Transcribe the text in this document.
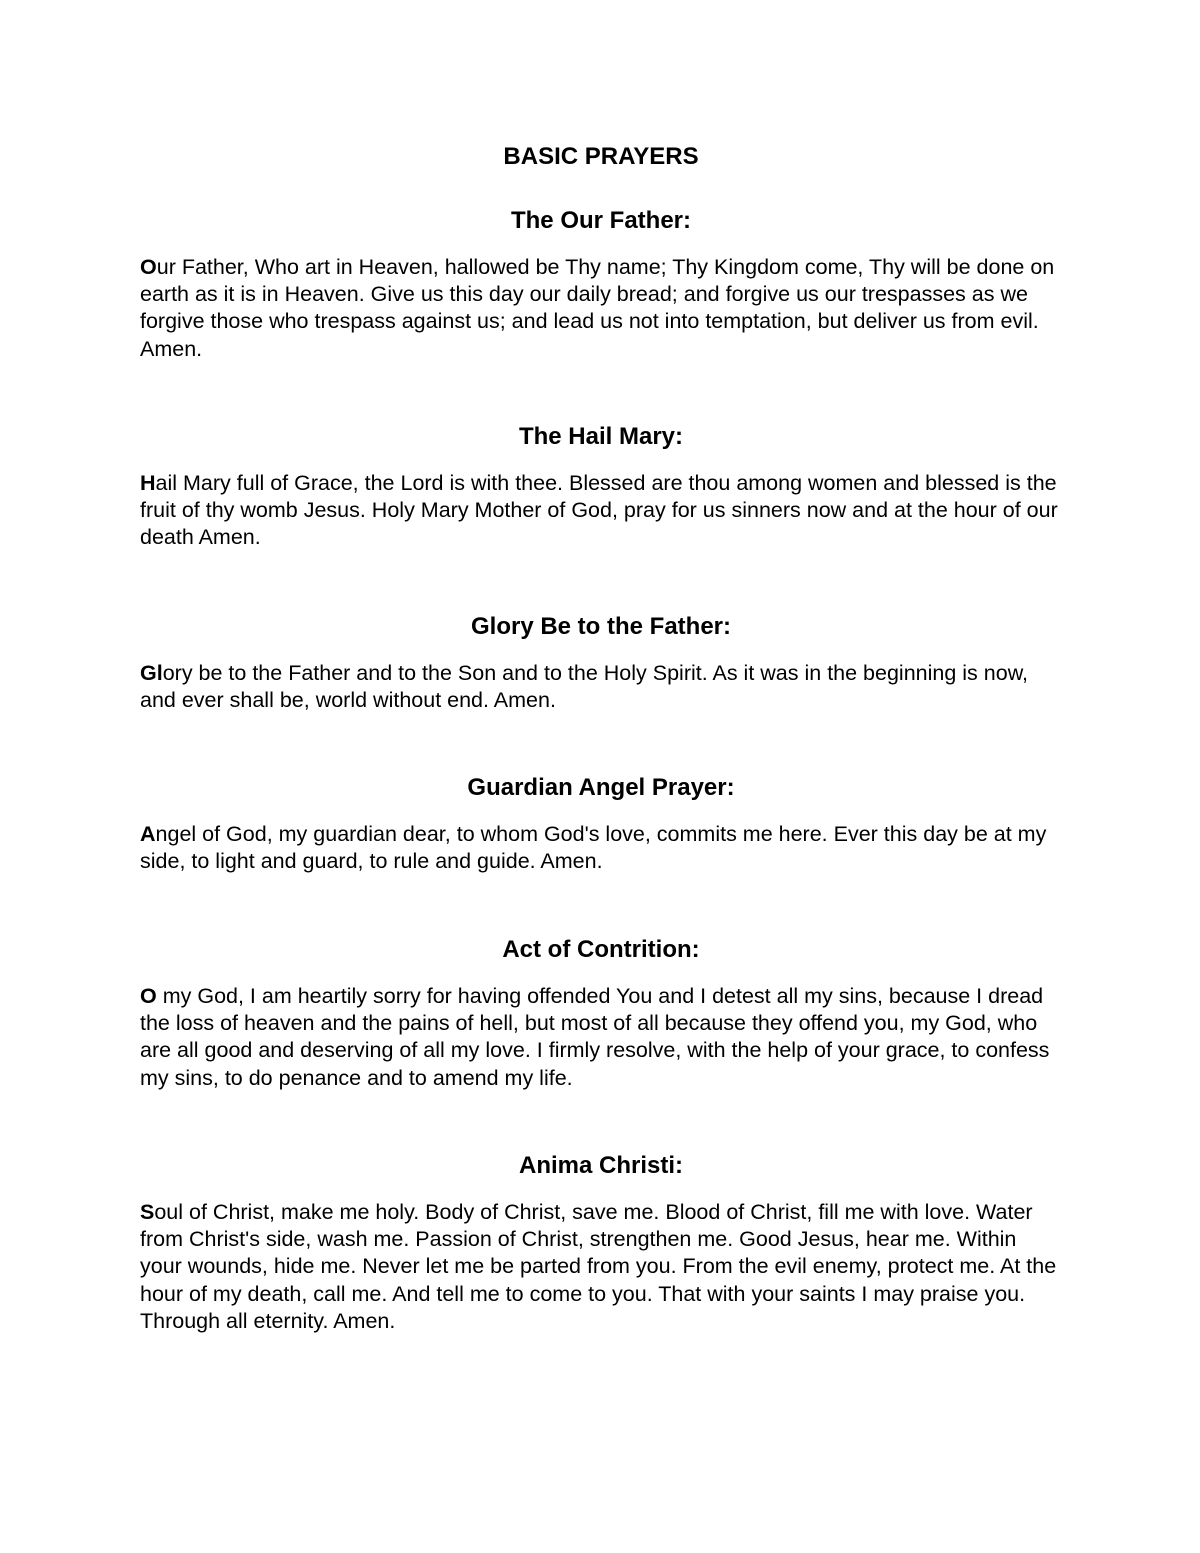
BASIC PRAYERS
The Our Father:

Our Father, Who art in Heaven, hallowed be Thy name; Thy Kingdom come, Thy will be done on earth as it is in Heaven. Give us this day our daily bread; and forgive us our trespasses as we forgive those who trespass against us; and lead us not into temptation, but deliver us from evil. Amen.

The Hail Mary:

Hail Mary full of Grace, the Lord is with thee. Blessed are thou among women and blessed is the fruit of thy womb Jesus. Holy Mary Mother of God, pray for us sinners now and at the hour of our death Amen.

Glory Be to the Father:

Glory be to the Father and to the Son and to the Holy Spirit. As it was in the beginning is now, and ever shall be, world without end. Amen.

Guardian Angel Prayer:

Angel of God, my guardian dear, to whom God's love, commits me here. Ever this day be at my side, to light and guard, to rule and guide. Amen.

Act of Contrition:

O my God, I am heartily sorry for having offended You and I detest all my sins, because I dread the loss of heaven and the pains of hell, but most of all because they offend you, my God, who are all good and deserving of all my love. I firmly resolve, with the help of your grace, to confess my sins, to do penance and to amend my life.

Anima Christi:

Soul of Christ, make me holy. Body of Christ, save me. Blood of Christ, fill me with love. Water from Christ's side, wash me. Passion of Christ, strengthen me. Good Jesus, hear me. Within your wounds, hide me. Never let me be parted from you. From the evil enemy, protect me. At the hour of my death, call me. And tell me to come to you. That with your saints I may praise you. Through all eternity. Amen.
